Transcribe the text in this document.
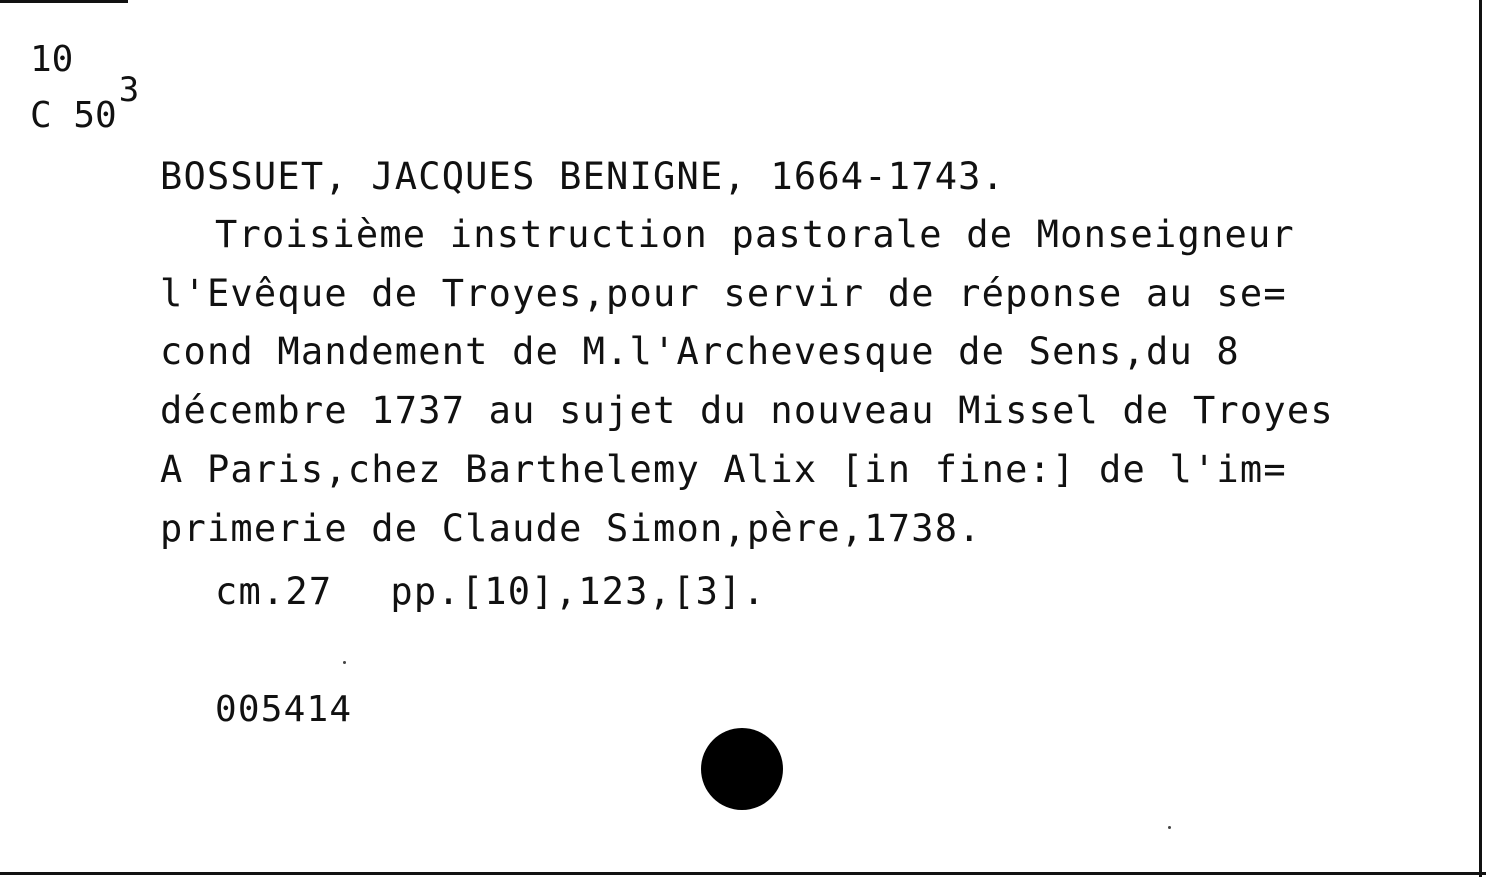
10
C 503
BOSSUET, JACQUES BENIGNE, 1664-1743.
Troisième instruction pastorale de Monseigneur
l'Evêque de Troyes,pour servir de réponse au se=
cond Mandement de M.l'Archevesque de Sens,du 8
décembre 1737 au sujet du nouveau Missel de Troyes
A Paris,chez Barthelemy Alix [in fine:] de l'im=
primerie de Claude Simon,père,1738.
cm.27 pp.[10],123,[3].
005414
